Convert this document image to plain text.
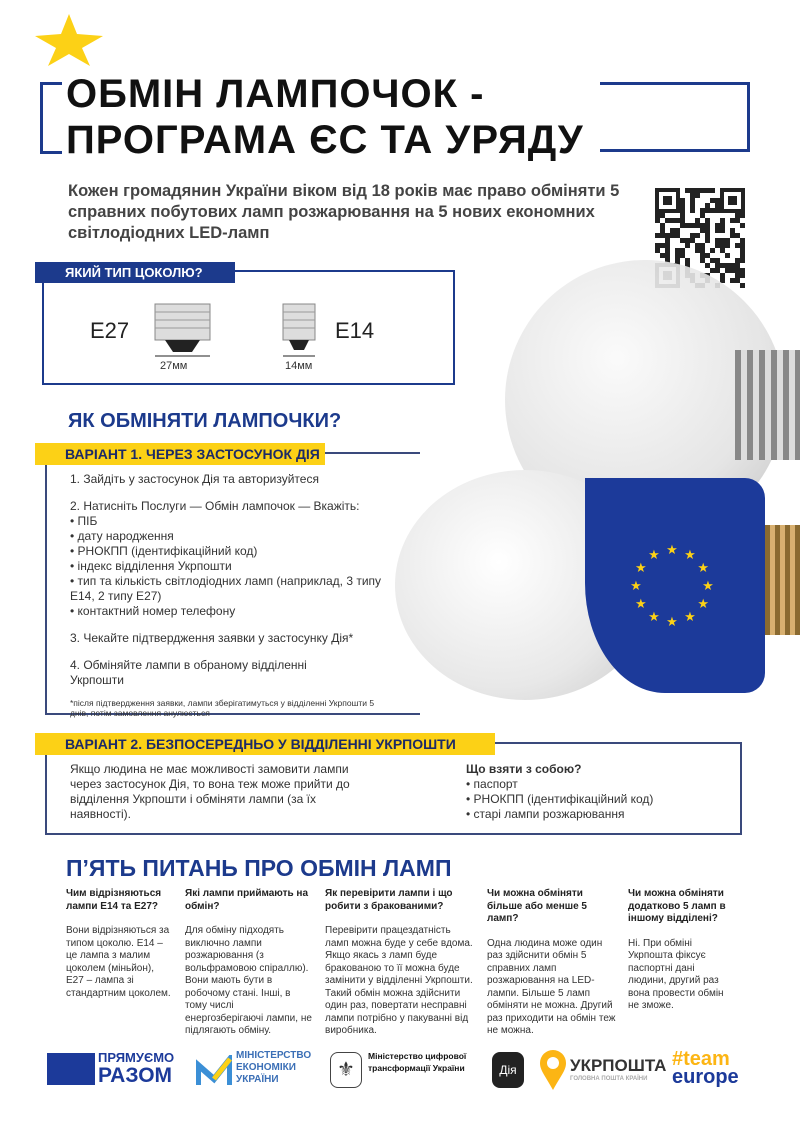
ОБМІН ЛАМПОЧОК -
ПРОГРАМА ЄС ТА УРЯДУ
Кожен громадянин України віком від 18 років має право обміняти 5 справних побутових ламп розжарювання на 5 нових економних світлодіодних LED-ламп
ЯКИЙ ТИП ЦОКОЛЮ?
E27
27мм	14мм
E14
★ ★
★
★
★
★
★
★
★
★
★
★
ЯК ОБМІНЯТИ ЛАМПОЧКИ?
ВАРІАНТ 1. ЧЕРЕЗ ЗАСТОСУНОК ДІЯ

1. Зайдіть у застосунок Дія та авторизуйтеся

2. Натисніть Послуги — Обмін лампочок — Вкажіть:

• ПІБ
• дату народження
• РНОКПП (ідентифікаційний код)
• індекс відділення Укрпошти
• тип та кількість світлодіодних ламп (наприклад, 3 типу E14, 2 типу E27)
• контактний номер телефону

3. Чекайте підтвердження заявки у застосунку Дія*

4. Обміняйте лампи в обраному відділенні Укрпошти

*після підтвердження заявки, лампи зберігатимуться у відділенні Укрпошти 5 днів, потім замовлення анулюється

ВАРІАНТ 2. БЕЗПОСЕРЕДНЬО У ВІДДІЛЕННІ УКРПОШТИ
Якщо людина не має можливості замовити лампи через застосунок Дія, то вона теж може прийти до відділення Укрпошти і обміняти лампи (за їх наявності).
Що взяти з собою?
• паспорт
• РНОКПП (ідентифікаційний код)
• старі лампи розжарювання
П’ЯТЬ ПИТАНЬ ПРО ОБМІН ЛАМП
Чим відрізняються лампи E14 та E27?
Вони відрізняються за типом цоколю. E14 – це лампа з малим цоколем (міньйон), E27 – лампа зі стандартним цоколем.
Які лампи приймають на обмін?
Для обміну підходять виключно лампи розжарювання (з вольфрамовою спіраллю). Вони мають бути в робочому стані. Інші, в тому числі енергозберігаючі лампи, не підлягають обміну.
Як перевірити лампи і що робити з бракованими?
Перевірити працездатність ламп можна буде у себе вдома. Якщо якась з ламп буде бракованою то її можна буде замінити у відділенні Укрпошти. Такий обмін можна здійснити один раз, повертати несправні лампи потрібно у пакуванні від виробника.
Чи можна обміняти більше або менше 5 ламп?
Одна людина може один раз здійснити обмін 5 справних ламп розжарювання на LED-лампи. Більше 5 ламп обміняти не можна. Другий раз приходити на обмін теж не можна.
Чи можна обміняти додатково 5 ламп в іншому відділені?
Ні. При обміні Укрпошта фіксує паспортні дані людини, другий раз вона провести обмін не зможе.
ПРЯМУЄМО
РАЗОМ
МІНІСТЕРСТВО ЕКОНОМІКИ УКРАЇНИ	⚜
Міністерство цифрової трансформації України	Дія	УКРПОШТА
ГОЛОВНА ПОШТА КРАЇНИ
#team
europe
